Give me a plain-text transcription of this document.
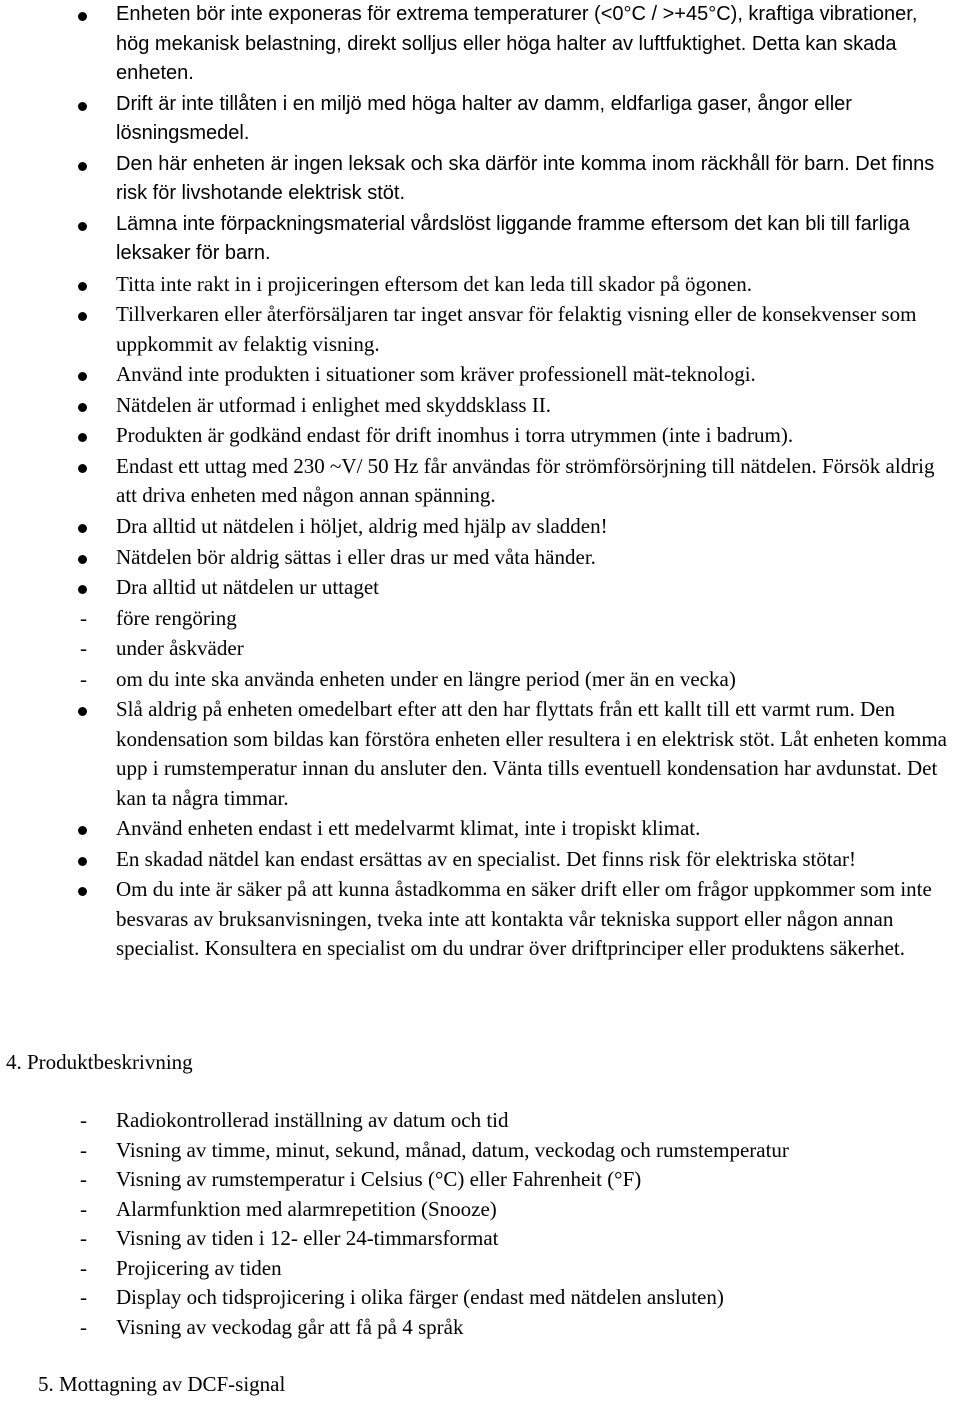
Enheten bör inte exponeras för extrema temperaturer (<0°C / >+45°C), kraftiga vibrationer, hög mekanisk belastning, direkt solljus eller höga halter av luftfuktighet. Detta kan skada enheten.
Drift är inte tillåten i en miljö med höga halter av damm, eldfarliga gaser, ångor eller lösningsmedel.
Den här enheten är ingen leksak och ska därför inte komma inom räckhåll för barn. Det finns risk för livshotande elektrisk stöt.
Lämna inte förpackningsmaterial vårdslöst liggande framme eftersom det kan bli till farliga leksaker för barn.
Titta inte rakt in i projiceringen eftersom det kan leda till skador på ögonen.
Tillverkaren eller återförsäljaren tar inget ansvar för felaktig visning eller de konsekvenser som uppkommit av felaktig visning.
Använd inte produkten i situationer som kräver professionell mät-teknologi.
Nätdelen är utformad i enlighet med skyddsklass II.
Produkten är godkänd endast för drift inomhus i torra utrymmen (inte i badrum).
Endast ett uttag med 230 ~V/ 50 Hz får användas för strömförsörjning till nätdelen. Försök aldrig att driva enheten med någon annan spänning.
Dra alltid ut nätdelen i höljet, aldrig med hjälp av sladden!
Nätdelen bör aldrig sättas i eller dras ur med våta händer.
Dra alltid ut nätdelen ur uttaget
- före rengöring
- under åskväder
- om du inte ska använda enheten under en längre period (mer än en vecka)
Slå aldrig på enheten omedelbart efter att den har flyttats från ett kallt till ett varmt rum. Den kondensation som bildas kan förstöra enheten eller resultera i en elektrisk stöt. Låt enheten komma upp i rumstemperatur innan du ansluter den. Vänta tills eventuell kondensation har avdunstat. Det kan ta några timmar.
Använd enheten endast i ett medelvarmt klimat, inte i tropiskt klimat.
En skadad nätdel kan endast ersättas av en specialist. Det finns risk för elektriska stötar!
Om du inte är säker på att kunna åstadkomma en säker drift eller om frågor uppkommer som inte besvaras av bruksanvisningen, tveka inte att kontakta vår tekniska support eller någon annan specialist. Konsultera en specialist om du undrar över driftprinciper eller produktens säkerhet.
4. Produktbeskrivning
- Radiokontrollerad inställning av datum och tid
- Visning av timme, minut, sekund, månad, datum, veckodag och rumstemperatur
- Visning av rumstemperatur i Celsius (°C) eller Fahrenheit (°F)
- Alarmfunktion med alarmrepetition (Snooze)
- Visning av tiden i 12- eller 24-timmarsformat
- Projicering av tiden
- Display och tidsprojicering i olika färger (endast med nätdelen ansluten)
- Visning av veckodag går att få på 4 språk
5. Mottagning av DCF-signal
